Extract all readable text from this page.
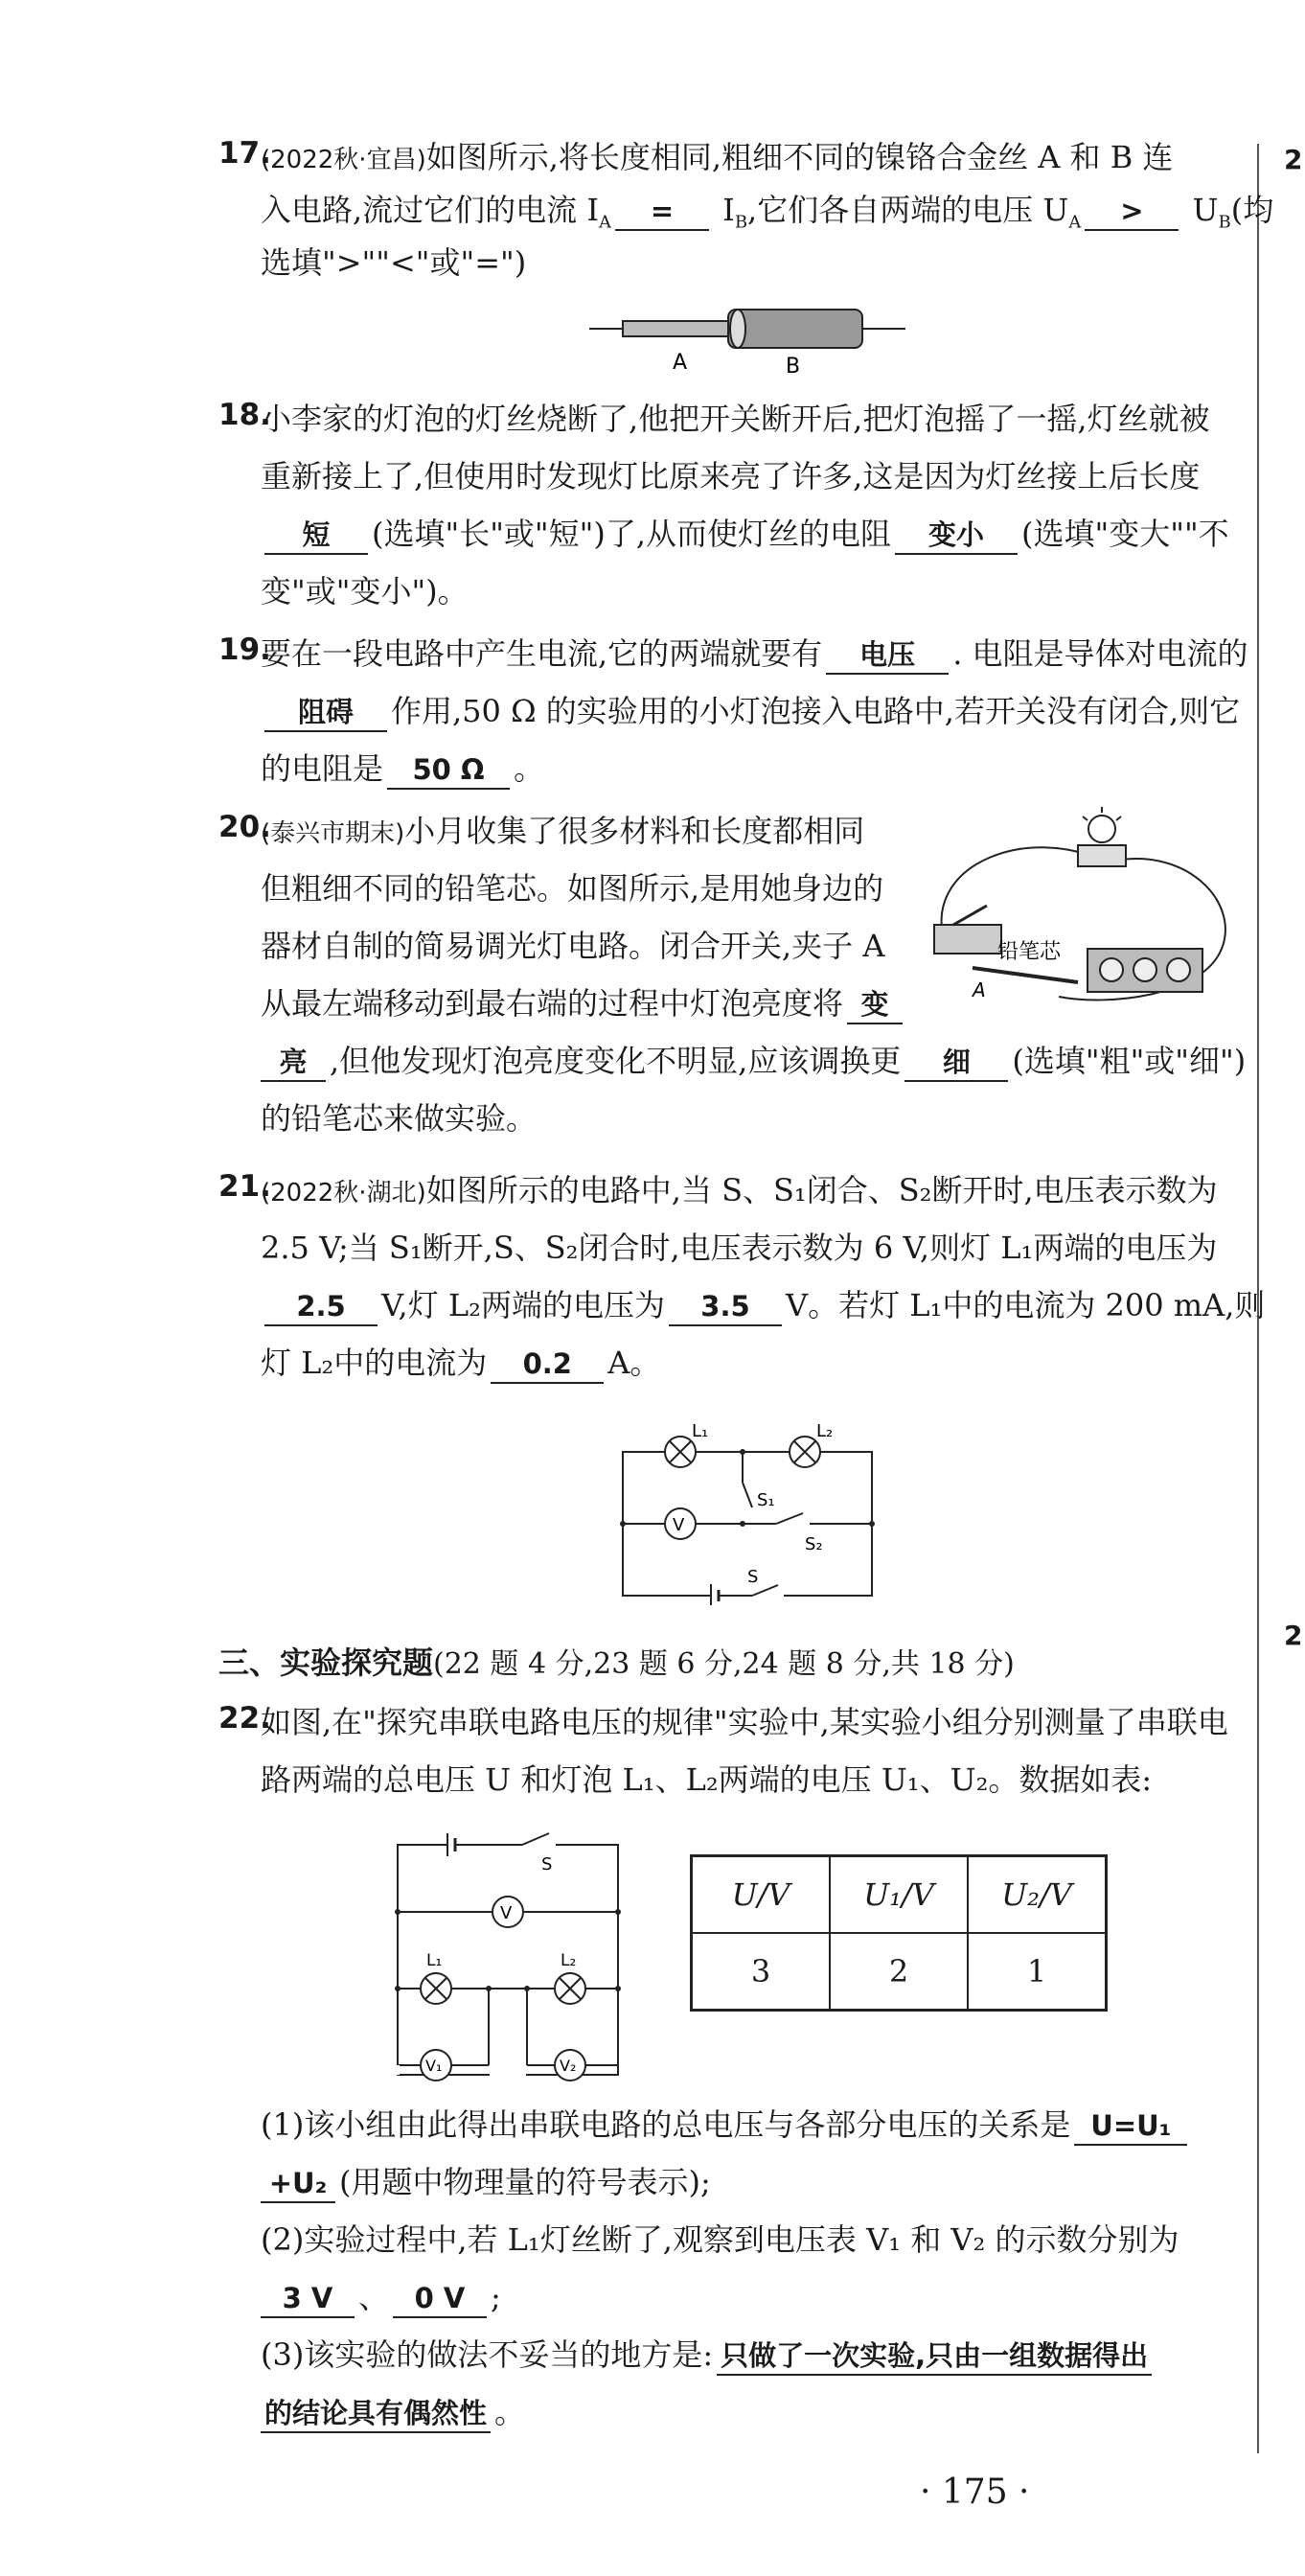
2
2
17.
(2022秋·宜昌)如图所示,将长度相同,粗细不同的镍铬合金丝 A 和 B 连
入电路,流过它们的电流 $I_A = I_B$,它们各自两端的电压 $U_A > U_B$(均
选填">""<"或"=")
A	B
18.
小李家的灯泡的灯丝烧断了,他把开关断开后,把灯泡摇了一摇,灯丝就被
重新接上了,但使用时发现灯比原来亮了许多,这是因为灯丝接上后长度
短 (选填"长"或"短")了,从而使灯丝的电阻 变小 (选填"变大""不
变"或"变小")。
19.
要在一段电路中产生电流,它的两端就要有 电压 . 电阻是导体对电流的
阻碍 作用,50 Ω 的实验用的小灯泡接入电路中,若开关没有闭合,则它
的电阻是 50 Ω 。
20.
(泰兴市期末)小月收集了很多材料和长度都相同
但粗细不同的铅笔芯。如图所示,是用她身边的
器材自制的简易调光灯电路。闭合开关,夹子 A
从最左端移动到最右端的过程中灯泡亮度将 变
亮 ,但他发现灯泡亮度变化不明显,应该调换更 细 (选填"粗"或"细")
的铅笔芯来做实验。
铅笔芯
A
21.
(2022秋·湖北)如图所示的电路中,当 S、S₁闭合、S₂断开时,电压表示数为
2.5 V;当 S₁断开,S、S₂闭合时,电压表示数为 6 V,则灯 L₁两端的电压为
2.5 V,灯 L₂两端的电压为 3.5 V。若灯 L₁中的电流为 200 mA,则
灯 L₂中的电流为 0.2 A。
L₁	L₂
S₁
S₂
S
V
三、实验探究题(22 题 4 分,23 题 6 分,24 题 8 分,共 18 分)
22.
如图,在"探究串联电路电压的规律"实验中,某实验小组分别测量了串联电
路两端的总电压 U 和灯泡 L₁、L₂两端的电压 U₁、U₂。数据如表:
S
V
L₁	L₂
V₁	V₂
U/V	U₁/V	U₂/V
3	2	1
(1)该小组由此得出串联电路的总电压与各部分电压的关系是 U=U₁
+U₂ (用题中物理量的符号表示);
(2)实验过程中,若 L₁灯丝断了,观察到电压表 V₁ 和 V₂ 的示数分别为
3 V 、 0 V ;
(3)该实验的做法不妥当的地方是: 只做了一次实验,只由一组数据得出
的结论具有偶然性 。
· 175 ·
